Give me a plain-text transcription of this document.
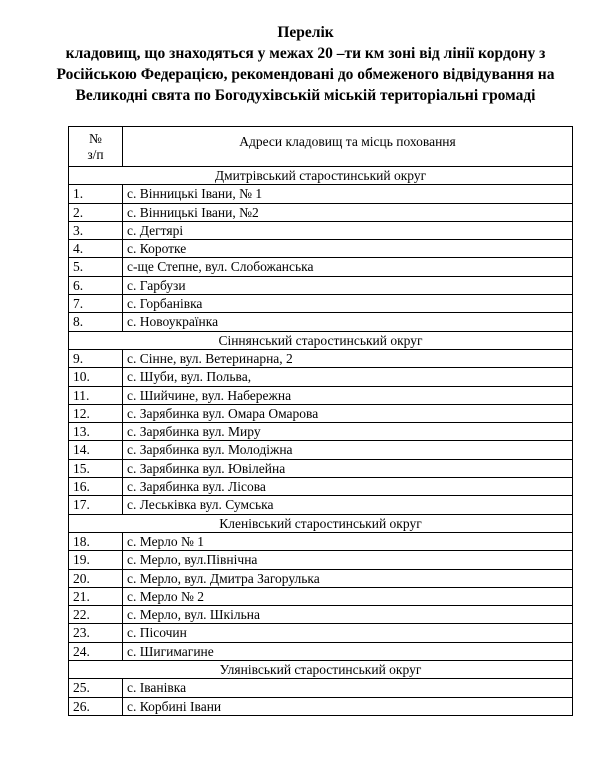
Перелік
кладовищ, що знаходяться у межах 20 –ти км зоні від лінії кордону з
Російською Федерацією, рекомендовані до обмеженого відвідування на
Великодні свята по Богодухівській міській територіальні громаді
№
з/п	Адреси кладовищ та місць поховання
Дмитрівський старостинський округ	
1.	с. Вінницькі Івани, № 1
2.	с. Вінницькі Івани, №2
3.	с. Дегтярі
4.	с. Коротке
5.	с-ще Степне, вул. Слобожанська
6.	с. Гарбузи
7.	с. Горбанівка
8.	с. Новоукраїнка
Сіннянський старостинський округ	
9.	с. Сінне, вул. Ветеринарна, 2
10.	с. Шуби, вул. Польва,
11.	с. Шийчине, вул. Набережна
12.	с. Зарябинка вул. Омара Омарова
13.	с. Зарябинка вул. Миру
14.	с. Зарябинка вул. Молодіжна
15.	с. Зарябинка вул. Ювілейна
16.	с. Зарябинка вул. Лісова
17.	с. Леськівка вул. Сумська
Кленівський старостинський округ	
18.	с. Мерло № 1
19.	с. Мерло, вул.Північна
20.	с. Мерло, вул. Дмитра Загорулька
21.	с. Мерло № 2
22.	с. Мерло, вул. Шкільна
23.	с. Пісочин
24.	с. Шигимагине
Улянівський старостинський округ	
25.	с. Іванівка
26.	с. Корбині Івани
